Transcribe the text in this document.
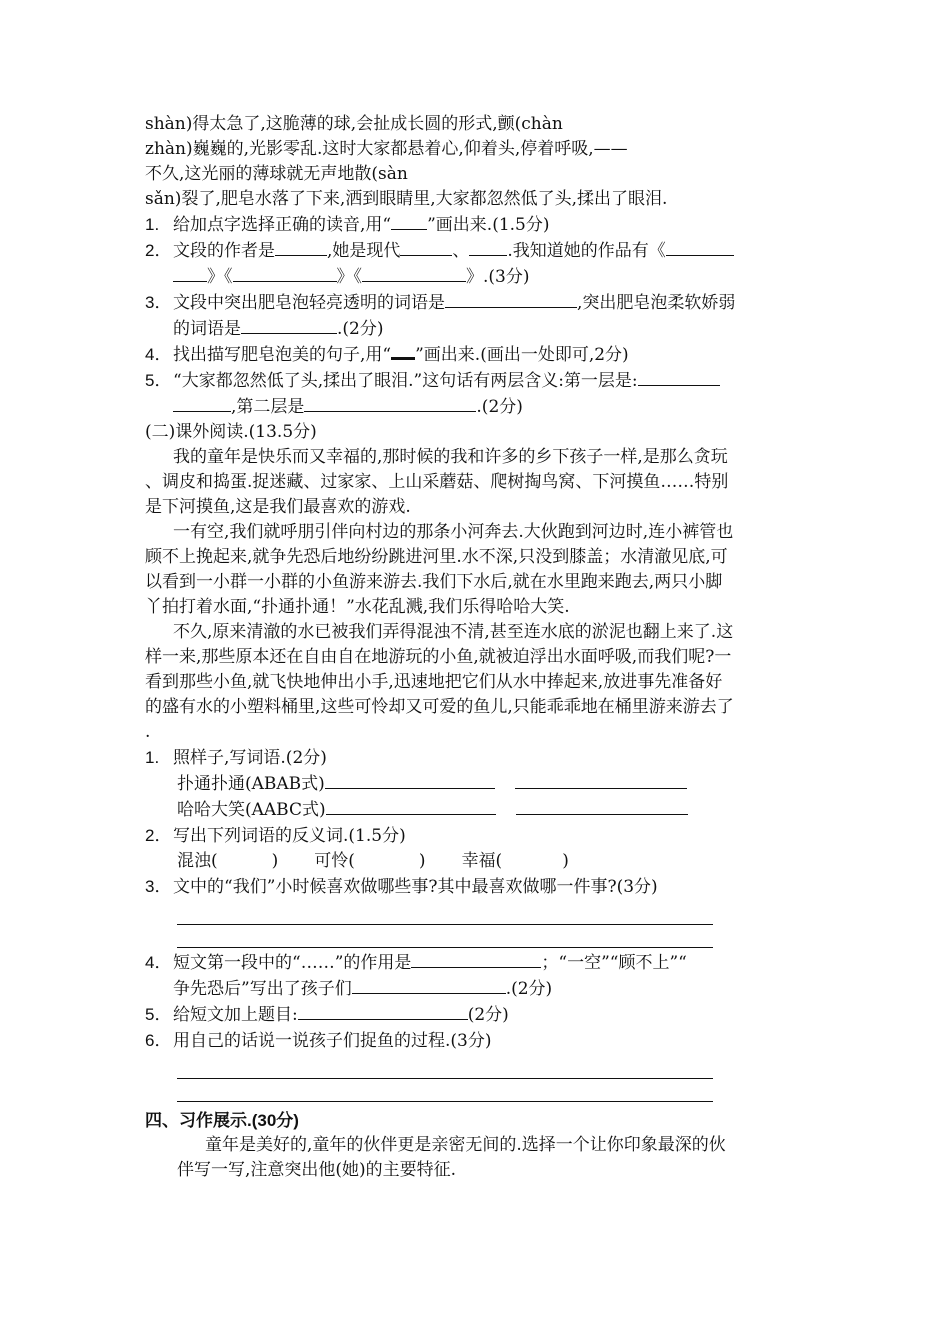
shàn)得太急了,这脆薄的球,会扯成长圆的形式,颤(chàn

zhàn)巍巍的,光影零乱.这时大家都悬着心,仰着头,停着呼吸,——

不久,这光丽的薄球就无声地散(sàn

sǎn)裂了,肥皂水落了下来,洒到眼睛里,大家都忽然低了头,揉出了眼泪.

1. 给加点字选择正确的读音,用“ ”画出来.(1.5分)

2．文段的作者是	,她是现代	、 .我知道她的作品有《

》《	》《	》.(3分)

3．文段中突出肥皂泡轻亮透明的词语是	,突出肥皂泡柔软娇弱

的词语是	.(2分)

4．找出描写肥皂泡美的句子,用“ ”画出来.(画出一处即可,2分)

5．“大家都忽然低了头,揉出了眼泪.”这句话有两层含义:第一层是:

,第二层是	.(2分)

(二)课外阅读.(13.5分)

我的童年是快乐而又幸福的,那时候的我和许多的乡下孩子一样,是那么贪玩

、调皮和捣蛋.捉迷藏、过家家、上山采蘑菇、爬树掏鸟窝、下河摸鱼……特别

是下河摸鱼,这是我们最喜欢的游戏.

一有空,我们就呼朋引伴向村边的那条小河奔去.大伙跑到河边时,连小裤管也

顾不上挽起来,就争先恐后地纷纷跳进河里.水不深,只没到膝盖；水清澈见底,可

以看到一小群一小群的小鱼游来游去.我们下水后,就在水里跑来跑去,两只小脚

丫拍打着水面,“扑通扑通！”水花乱溅,我们乐得哈哈大笑.

不久,原来清澈的水已被我们弄得混浊不清,甚至连水底的淤泥也翻上来了.这

样一来,那些原本还在自由自在地游玩的小鱼,就被迫浮出水面呼吸,而我们呢?一

看到那些小鱼,就飞快地伸出小手,迅速地把它们从水中捧起来,放进事先准备好

的盛有水的小塑料桶里,这些可怜却又可爱的鱼儿,只能乖乖地在桶里游来游去了

.

1. 照样子,写词语.(2分)

扑通扑通(ABAB式)

哈哈大笑(AABC式)

2．写出下列词语的反义词.(1.5分)

混浊(	) 可怜(	) 幸福(	)

3．文中的“我们”小时候喜欢做哪些事?其中最喜欢做哪一件事?(3分)

4．短文第一段中的“……”的作用是	；“一空”“顾不上”“

争先恐后”写出了孩子们	.(2分)

5．给短文加上题目:	(2分)

6．用自己的话说一说孩子们捉鱼的过程.(3分)

四、习作展示.(30分)

童年是美好的,童年的伙伴更是亲密无间的.选择一个让你印象最深的伙

伴写一写,注意突出他(她)的主要特征.
